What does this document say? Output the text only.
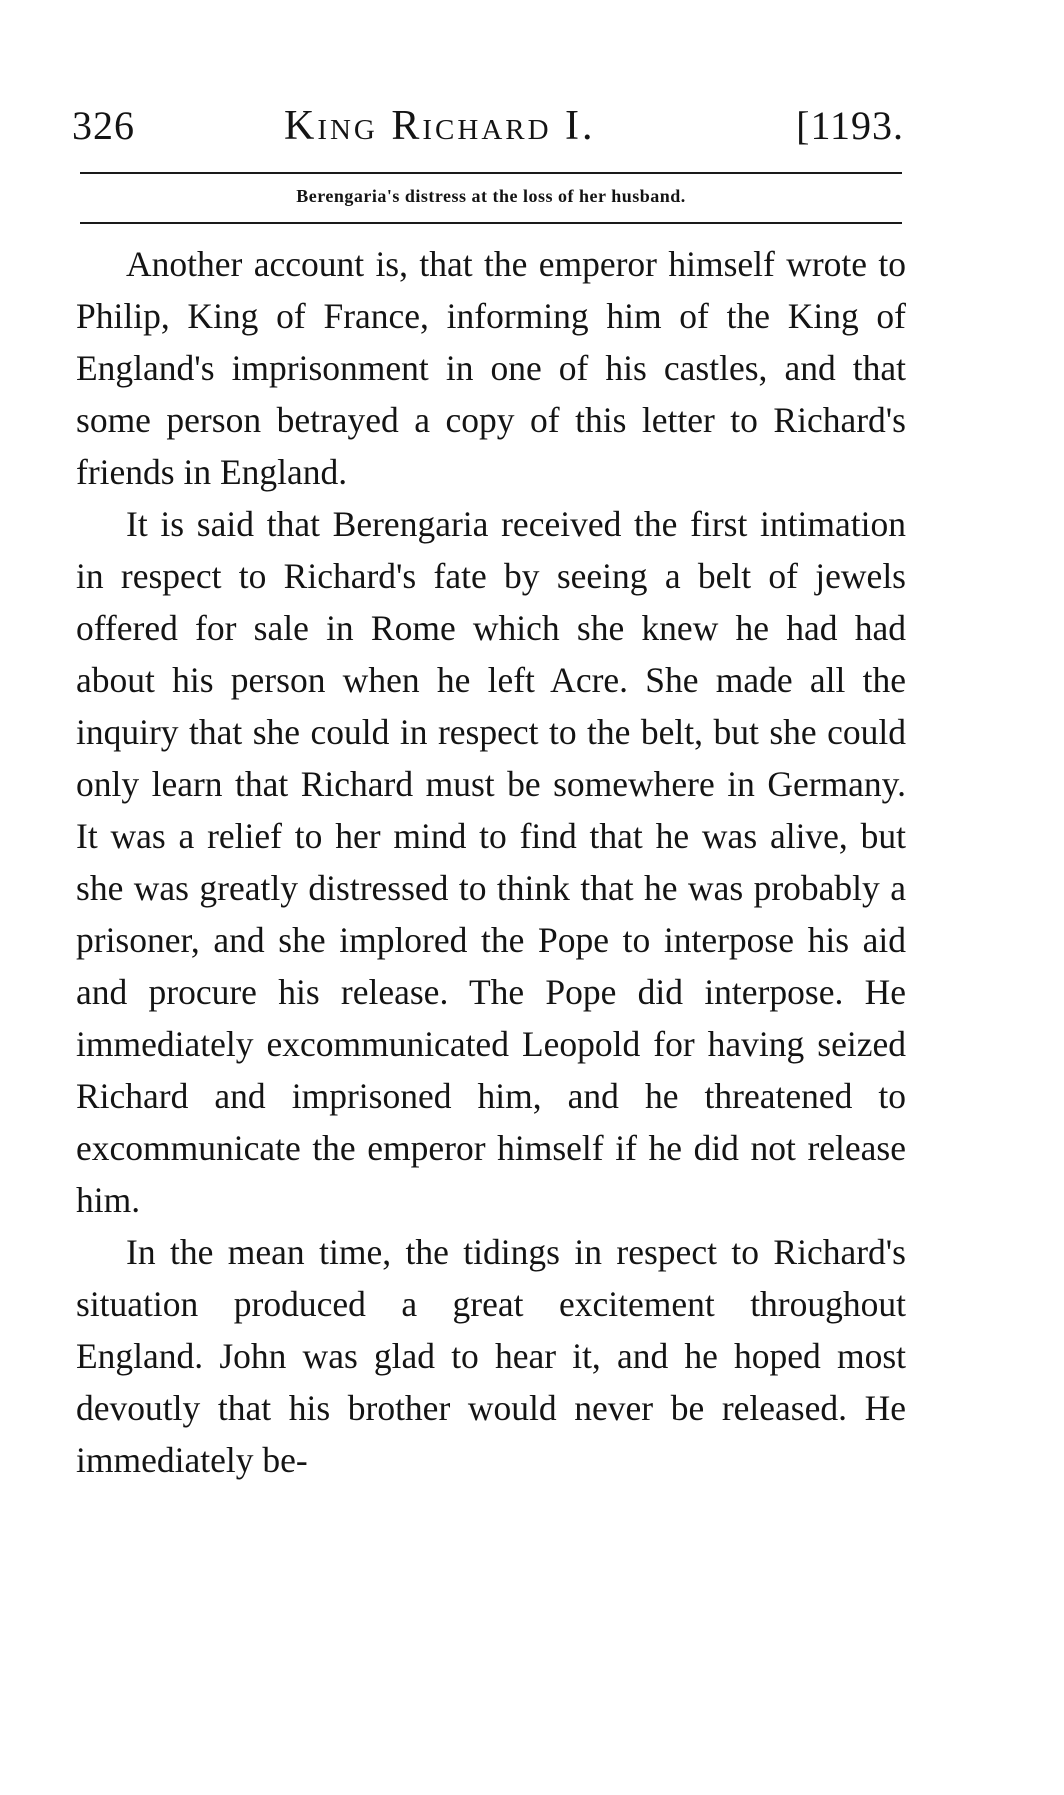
326	King Richard I.	[1193.
Berengaria's distress at the loss of her husband.

Another account is, that the emperor himself wrote to Philip, King of France, informing him of the King of England's imprisonment in one of his castles, and that some person betrayed a copy of this letter to Richard's friends in England.

It is said that Berengaria received the first intimation in respect to Richard's fate by seeing a belt of jewels offered for sale in Rome which she knew he had had about his person when he left Acre. She made all the inquiry that she could in respect to the belt, but she could only learn that Richard must be somewhere in Germany. It was a relief to her mind to find that he was alive, but she was greatly distressed to think that he was probably a prisoner, and she implored the Pope to interpose his aid and procure his release. The Pope did interpose. He immediately excommunicated Leopold for having seized Richard and imprisoned him, and he threatened to excommunicate the emperor himself if he did not release him.

In the mean time, the tidings in respect to Richard's situation produced a great excitement throughout England. John was glad to hear it, and he hoped most devoutly that his brother would never be released. He immediately be-
